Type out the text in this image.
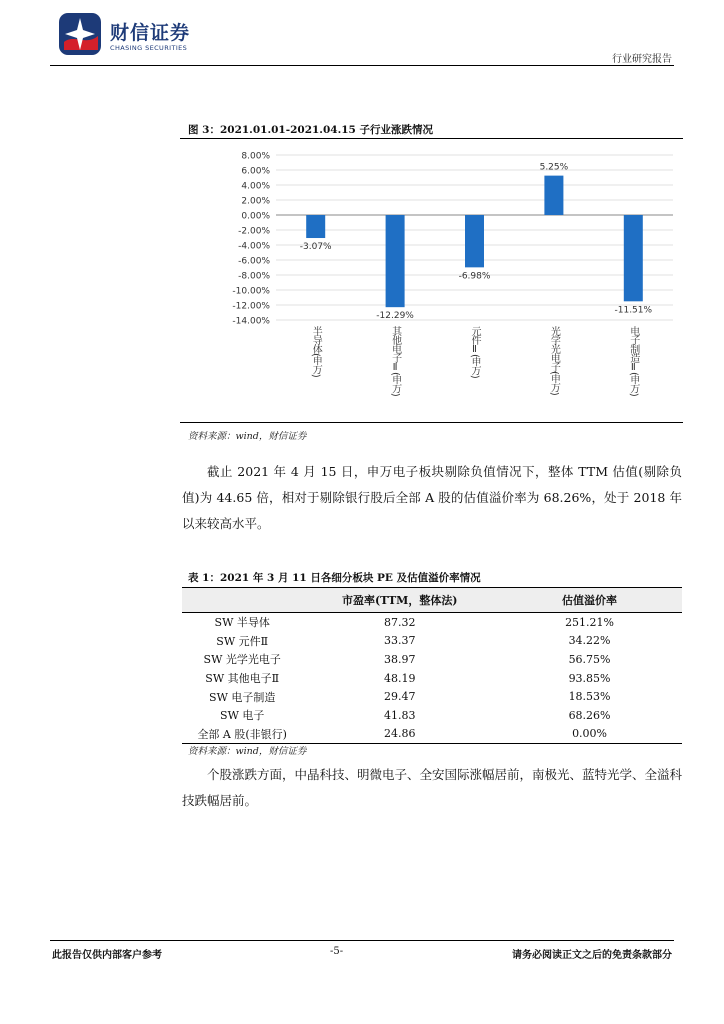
财信证券
CHASING SECURITIES
行业研究报告
图 3：2021.01.01-2021.04.15 子行业涨跌情况
8.00%
6.00%
4.00%
2.00%
0.00%
-2.00%
-4.00%
-6.00%
-8.00%
-10.00%
-12.00%
-14.00%
-3.07%
半导体(申万)
-12.29%
其他电子Ⅱ(申万)
-6.98%
元件Ⅱ(申万)
5.25%
光学光电子(申万)
-11.51%
电子制造Ⅱ(申万)
资料来源：wind，财信证券
截止 2021 年 4 月 15 日，申万电子板块剔除负值情况下，整体 TTM 估值(剔除负值)为 44.65 倍，相对于剔除银行股后全部 A 股的估值溢价率为 68.26%，处于 2018 年以来较高水平。
表 1：2021 年 3 月 11 日各细分板块 PE 及估值溢价率情况
	市盈率(TTM，整体法)	估值溢价率
SW 半导体	87.32	251.21%
SW 元件Ⅱ	33.37	34.22%
SW 光学光电子	38.97	56.75%
SW 其他电子Ⅱ	48.19	93.85%
SW 电子制造	29.47	18.53%
SW 电子	41.83	68.26%
全部 A 股(非银行)	24.86	0.00%
资料来源：wind，财信证券
个股涨跌方面，中晶科技、明微电子、全安国际涨幅居前，南极光、蓝特光学、全溢科技跌幅居前。
此报告仅供内部客户参考	-5-	请务必阅读正文之后的免责条款部分
